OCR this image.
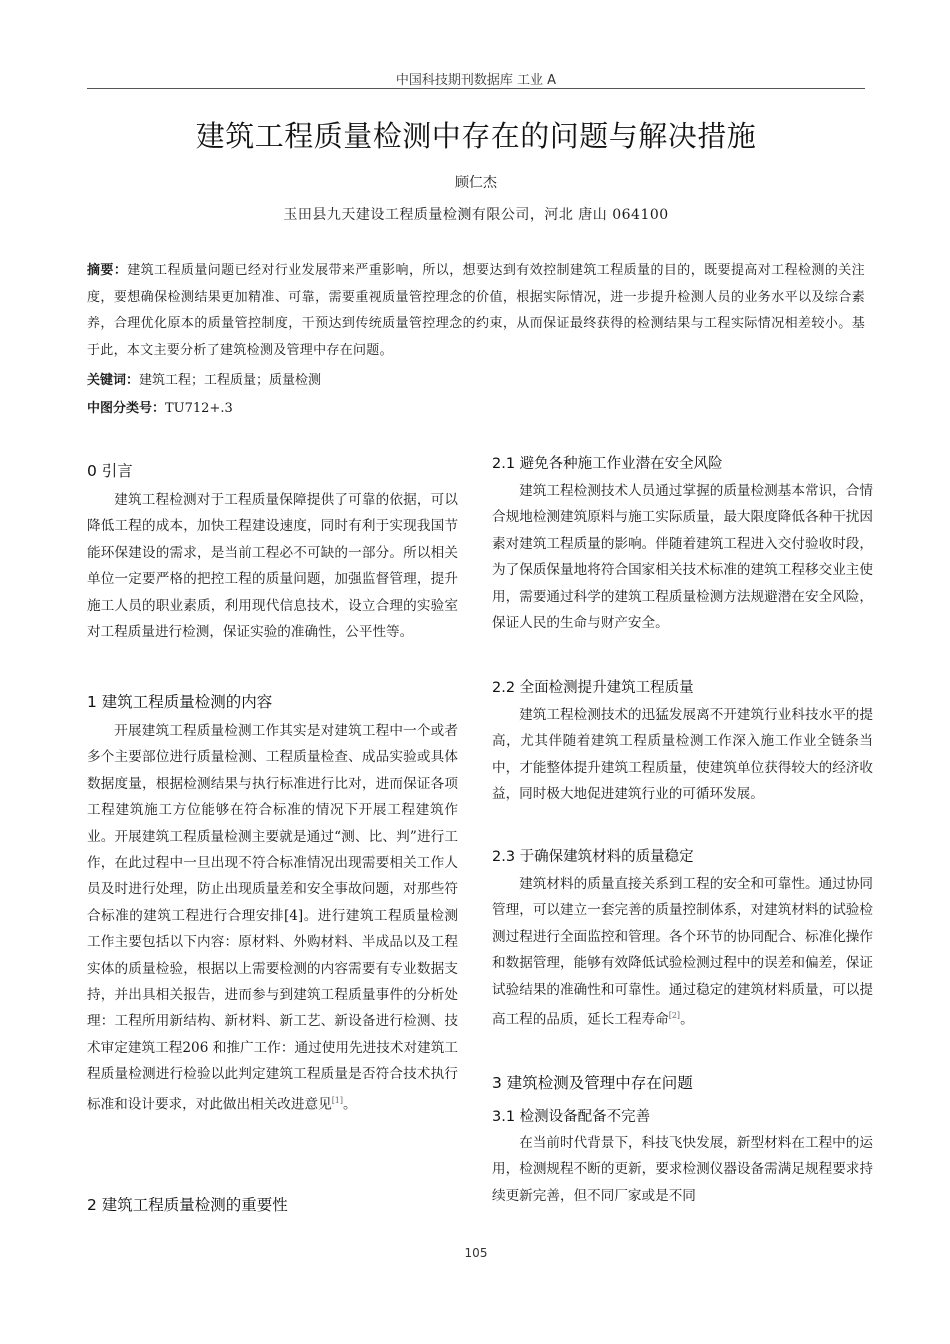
中国科技期刊数据库 工业 A
建筑工程质量检测中存在的问题与解决措施
顾仁杰
玉田县九天建设工程质量检测有限公司，河北 唐山 064100
摘要：建筑工程质量问题已经对行业发展带来严重影响，所以，想要达到有效控制建筑工程质量的目的，既要提高对工程检测的关注度，要想确保检测结果更加精准、可靠，需要重视质量管控理念的价值，根据实际情况，进一步提升检测人员的业务水平以及综合素养，合理优化原本的质量管控制度，干预达到传统质量管控理念的约束，从而保证最终获得的检测结果与工程实际情况相差较小。基于此，本文主要分析了建筑检测及管理中存在问题。
关键词：建筑工程；工程质量；质量检测
中图分类号：TU712+.3
0 引言
建筑工程检测对于工程质量保障提供了可靠的依据，可以降低工程的成本，加快工程建设速度，同时有利于实现我国节能环保建设的需求，是当前工程必不可缺的一部分。所以相关单位一定要严格的把控工程的质量问题，加强监督管理，提升施工人员的职业素质，利用现代信息技术，设立合理的实验室对工程质量进行检测，保证实验的准确性，公平性等。
1 建筑工程质量检测的内容
开展建筑工程质量检测工作其实是对建筑工程中一个或者多个主要部位进行质量检测、工程质量检查、成品实验或具体数据度量，根据检测结果与执行标准进行比对，进而保证各项工程建筑施工方位能够在符合标准的情况下开展工程建筑作业。开展建筑工程质量检测主要就是通过“测、比、判”进行工作，在此过程中一旦出现不符合标准情况出现需要相关工作人员及时进行处理，防止出现质量差和安全事故问题，对那些符合标准的建筑工程进行合理安排[4]。进行建筑工程质量检测工作主要包括以下内容：原材料、外购材料、半成品以及工程实体的质量检验，根据以上需要检测的内容需要有专业数据支持，并出具相关报告，进而参与到建筑工程质量事件的分析处理：工程所用新结构、新材料、新工艺、新设备进行检测、技术审定建筑工程206 和推广工作：通过使用先进技术对建筑工程质量检测进行检验以此判定建筑工程质量是否符合技术执行标准和设计要求，对此做出相关改进意见[1]。
2 建筑工程质量检测的重要性
2.1 避免各种施工作业潜在安全风险
建筑工程检测技术人员通过掌握的质量检测基本常识，合情合规地检测建筑原料与施工实际质量，最大限度降低各种干扰因素对建筑工程质量的影响。伴随着建筑工程进入交付验收时段，为了保质保量地将符合国家相关技术标准的建筑工程移交业主使用，需要通过科学的建筑工程质量检测方法规避潜在安全风险，保证人民的生命与财产安全。
2.2 全面检测提升建筑工程质量
建筑工程检测技术的迅猛发展离不开建筑行业科技水平的提高，尤其伴随着建筑工程质量检测工作深入施工作业全链条当中，才能整体提升建筑工程质量，使建筑单位获得较大的经济收益，同时极大地促进建筑行业的可循环发展。
2.3 于确保建筑材料的质量稳定
建筑材料的质量直接关系到工程的安全和可靠性。通过协同管理，可以建立一套完善的质量控制体系，对建筑材料的试验检测过程进行全面监控和管理。各个环节的协同配合、标准化操作和数据管理，能够有效降低试验检测过程中的误差和偏差，保证试验结果的准确性和可靠性。通过稳定的建筑材料质量，可以提高工程的品质，延长工程寿命[2]。
3 建筑检测及管理中存在问题
3.1 检测设备配备不完善
在当前时代背景下，科技飞快发展，新型材料在工程中的运用，检测规程不断的更新，要求检测仪器设备需满足规程要求持续更新完善，但不同厂家或是不同
105
